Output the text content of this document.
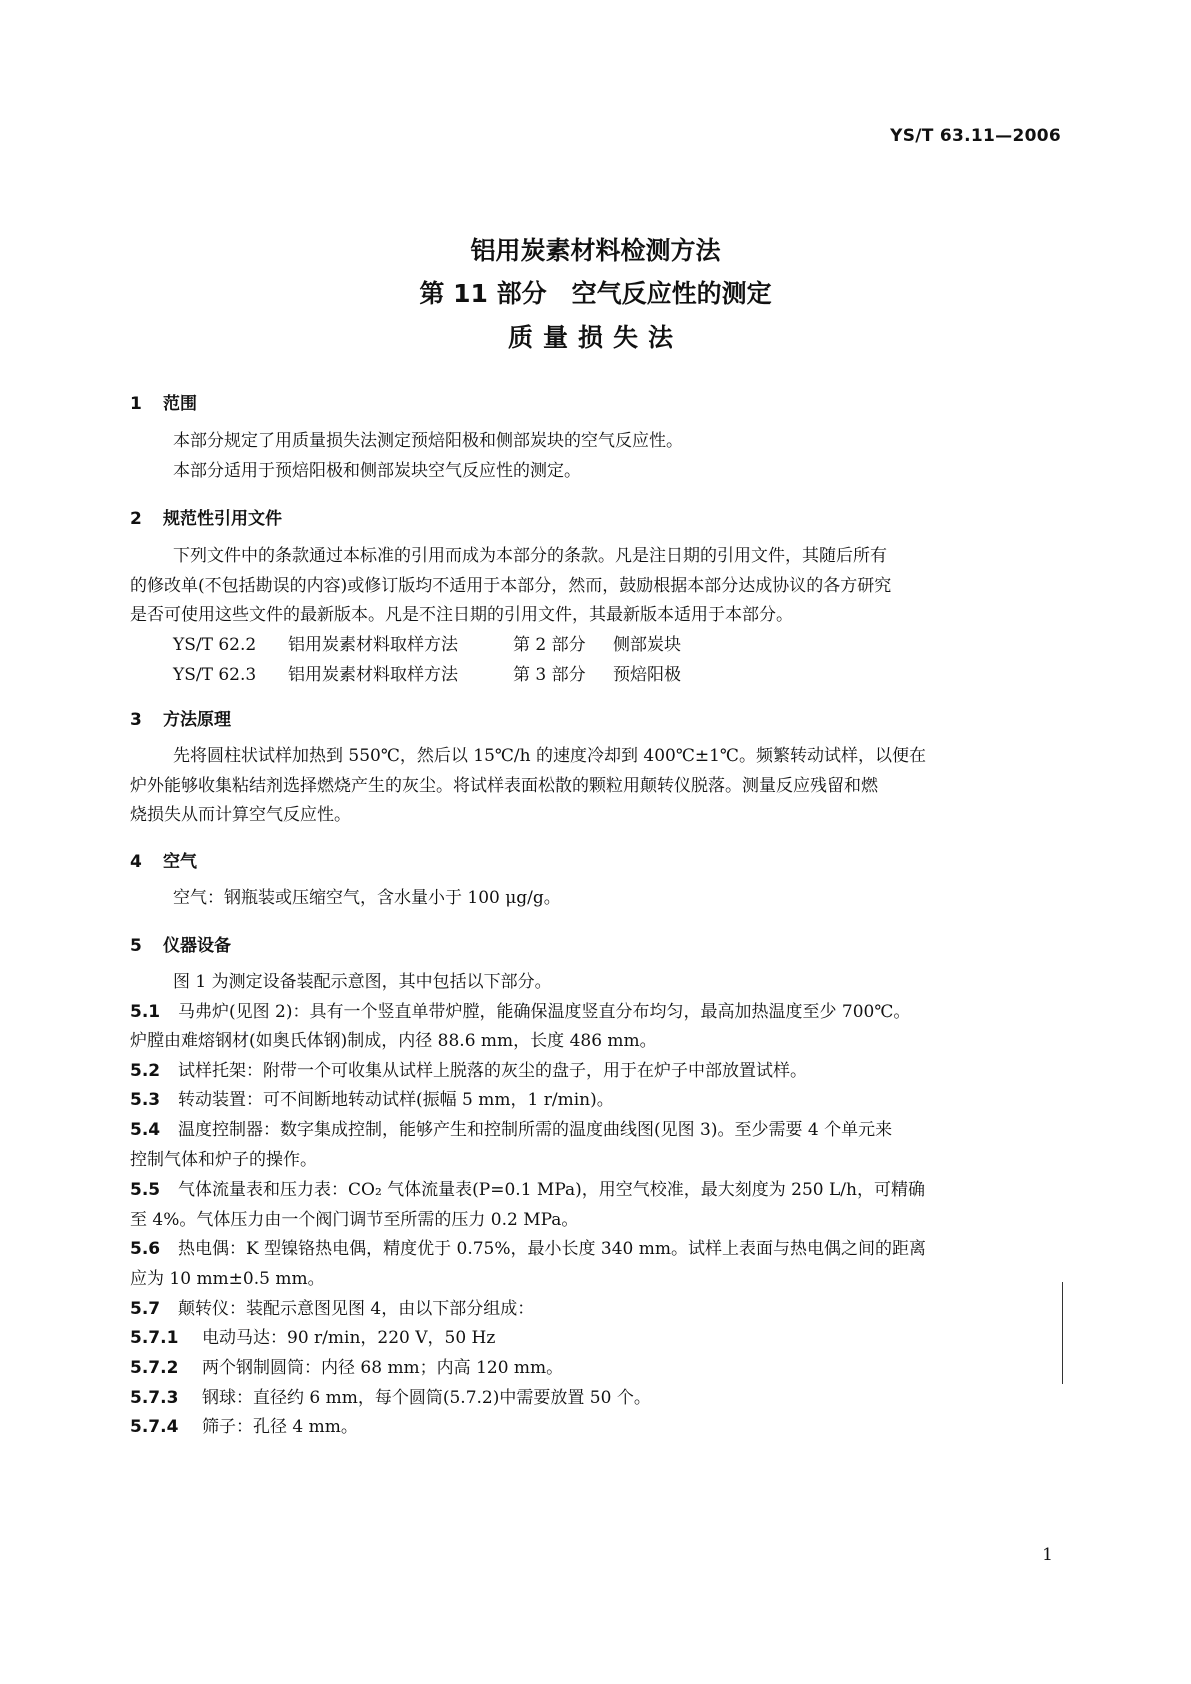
YS/T 63.11—2006
铝用炭素材料检测方法
第 11 部分　空气反应性的测定
质量损失法
1 范围
本部分规定了用质量损失法测定预焙阳极和侧部炭块的空气反应性。
本部分适用于预焙阳极和侧部炭块空气反应性的测定。
2 规范性引用文件
下列文件中的条款通过本标准的引用而成为本部分的条款。凡是注日期的引用文件，其随后所有
的修改单(不包括勘误的内容)或修订版均不适用于本部分，然而，鼓励根据本部分达成协议的各方研究
是否可使用这些文件的最新版本。凡是不注日期的引用文件，其最新版本适用于本部分。
YS/T 62.2 铝用炭素材料取样方法	第 2 部分 侧部炭块
YS/T 62.3 铝用炭素材料取样方法	第 3 部分 预焙阳极
3 方法原理
先将圆柱状试样加热到 550℃，然后以 15℃/h 的速度冷却到 400℃±1℃。频繁转动试样，以便在
炉外能够收集粘结剂选择燃烧产生的灰尘。将试样表面松散的颗粒用颠转仪脱落。测量反应残留和燃
烧损失从而计算空气反应性。
4 空气
空气：钢瓶装或压缩空气，含水量小于 100 μg/g。
5 仪器设备
图 1 为测定设备装配示意图，其中包括以下部分。
5.1 马弗炉(见图 2)：具有一个竖直单带炉膛，能确保温度竖直分布均匀，最高加热温度至少 700℃。
炉膛由难熔钢材(如奥氏体钢)制成，内径 88.6 mm，长度 486 mm。
5.2 试样托架：附带一个可收集从试样上脱落的灰尘的盘子，用于在炉子中部放置试样。
5.3 转动装置：可不间断地转动试样(振幅 5 mm，1 r/min)。
5.4 温度控制器：数字集成控制，能够产生和控制所需的温度曲线图(见图 3)。至少需要 4 个单元来
控制气体和炉子的操作。
5.5 气体流量表和压力表：CO₂ 气体流量表(P=0.1 MPa)，用空气校准，最大刻度为 250 L/h，可精确
至 4%。气体压力由一个阀门调节至所需的压力 0.2 MPa。
5.6 热电偶：K 型镍铬热电偶，精度优于 0.75%，最小长度 340 mm。试样上表面与热电偶之间的距离
应为 10 mm±0.5 mm。
5.7 颠转仪：装配示意图见图 4，由以下部分组成：
5.7.1 电动马达：90 r/min，220 V，50 Hz
5.7.2 两个钢制圆筒：内径 68 mm；内高 120 mm。
5.7.3 钢球：直径约 6 mm，每个圆筒(5.7.2)中需要放置 50 个。
5.7.4 筛子：孔径 4 mm。
1
